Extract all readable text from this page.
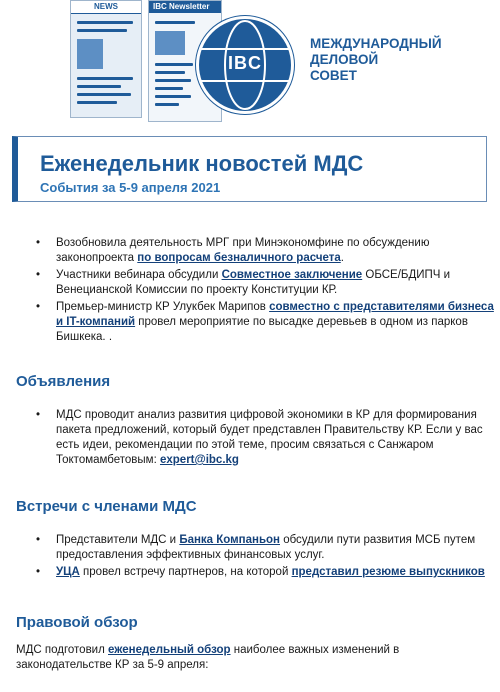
NEWS	IBC Newsletter
IBC
МЕЖДУНАРОДНЫЙ
ДЕЛОВОЙ
СОВЕТ
Еженедельник новостей МДС
События за 5-9 апреля 2021
• Возобновила деятельность МРГ при Минэкономфине по обсуждению законопроекта по вопросам безналичного расчета.
• Участники вебинара обсудили Совместное заключение ОБСЕ/БДИПЧ и Венецианской Комиссии по проекту Конституции КР.
• Премьер-министр КР Улукбек Марипов совместно с представителями бизнеса и IT-компаний провел мероприятие по высадке деревьев в одном из парков Бишкека. .
Объявления
• МДС проводит анализ развития цифровой экономики в КР для формирования пакета предложений, который будет представлен Правительству КР. Если у вас есть идеи, рекомендации по этой теме, просим связаться с Санжаром Токтомамбетовым: expert@ibc.kg
Встречи с членами МДС
• Представители МДС и Банка Компаньон обсудили пути развития МСБ путем предоставления эффективных финансовых услуг.
• УЦА провел встречу партнеров, на которой представил резюме выпускников
Правовой обзор

МДС подготовил еженедельный обзор наиболее важных изменений в законодательстве КР за 5-9 апреля:
